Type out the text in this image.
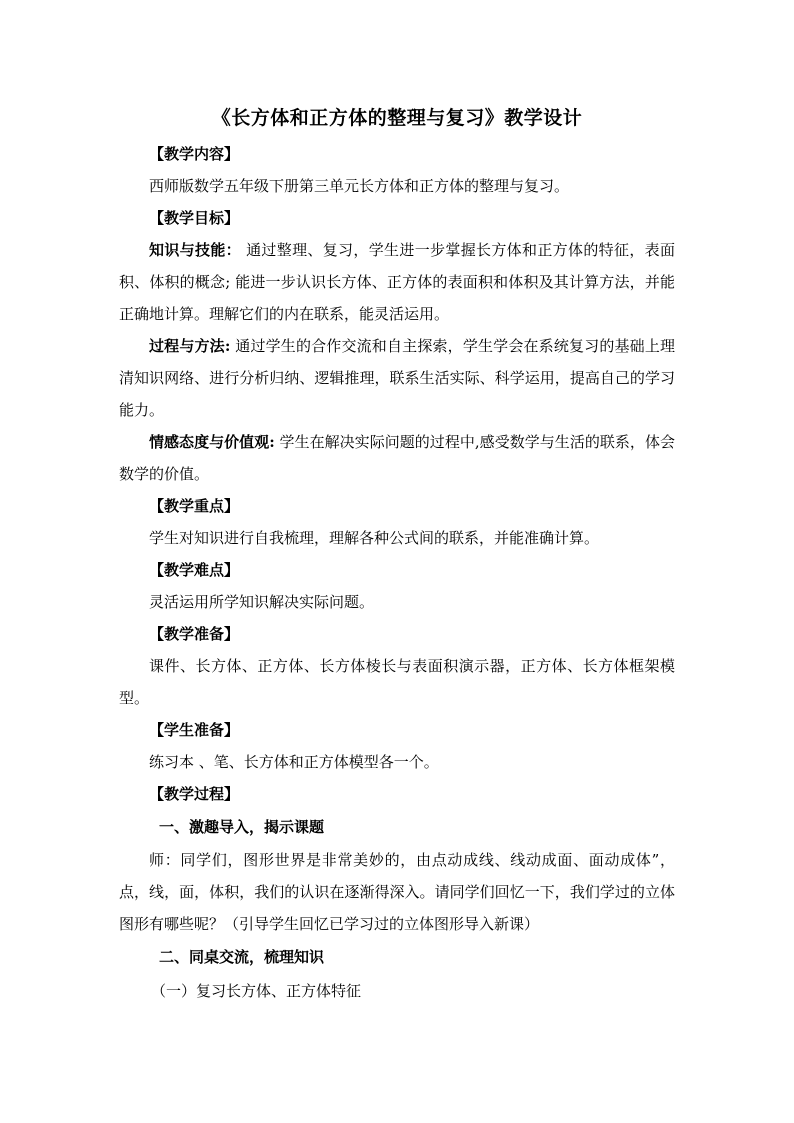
《长方体和正方体的整理与复习》教学设计
【教学内容】

西师版数学五年级下册第三单元长方体和正方体的整理与复习。

【教学目标】

知识与技能： 通过整理、复习，学生进一步掌握长方体和正方体的特征，表面积、体积的概念; 能进一步认识长方体、正方体的表面积和体积及其计算方法，并能正确地计算。理解它们的内在联系，能灵活运用。

过程与方法: 通过学生的合作交流和自主探索，学生学会在系统复习的基础上理清知识网络、进行分析归纳、逻辑推理，联系生活实际、科学运用，提高自己的学习能力。

情感态度与价值观: 学生在解决实际问题的过程中,感受数学与生活的联系，体会数学的价值。

【教学重点】

学生对知识进行自我梳理，理解各种公式间的联系，并能准确计算。

【教学难点】

灵活运用所学知识解决实际问题。

【教学准备】

课件、长方体、正方体、长方体棱长与表面积演示器，正方体、长方体框架模型。

【学生准备】

练习本 、笔、长方体和正方体模型各一个。

【教学过程】
一、激趣导入，揭示课题

师：同学们，图形世界是非常美妙的，由点动成线、线动成面、面动成体”，点，线，面，体积，我们的认识在逐渐得深入。请同学们回忆一下，我们学过的立体图形有哪些呢？（引导学生回忆已学习过的立体图形导入新课）

二、同桌交流，梳理知识
（一）复习长方体、正方体特征
